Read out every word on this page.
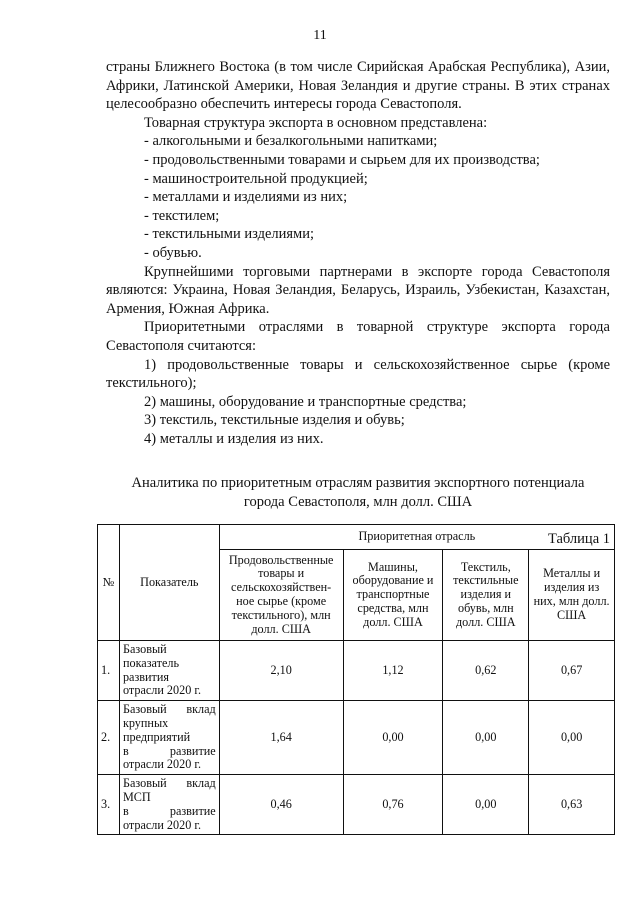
11

страны Ближнего Востока (в том числе Сирийская Арабская Республика), Азии, Африки, Латинской Америки, Новая Зеландия и другие страны. В этих странах целесообразно обеспечить интересы города Севастополя.

Товарная структура экспорта в основном представлена:

- алкогольными и безалкогольными напитками;

- продовольственными товарами и сырьем для их производства;

- машиностроительной продукцией;

- металлами и изделиями из них;

- текстилем;

- текстильными изделиями;

- обувью.

Крупнейшими торговыми партнерами в экспорте города Севастополя являются: Украина, Новая Зеландия, Беларусь, Израиль, Узбекистан, Казахстан, Армения, Южная Африка.

Приоритетными отраслями в товарной структуре экспорта города Севастополя считаются:

1) продовольственные товары и сельскохозяйственное сырье (кроме текстильного);

2) машины, оборудование и транспортные средства;

3) текстиль, текстильные изделия и обувь;

4) металлы и изделия из них.

Аналитика по приоритетным отраслям развития экспортного потенциала
города Севастополя, млн долл. США

Таблица 1

№	Показатель	Приоритетная отрасль			
		Продовольственные товары и сельскохозяйствен-ное сырье (кроме текстильного), млн долл. США	Машины, оборудование и транспортные средства, млн долл. США	Текстиль, текстильные изделия и обувь, млн долл. США	Металлы и изделия из них, млн долл. США
1.	Базовый
показатель
развития
отрасли 2020 г.	2,10	1,12	0,62	0,67
2.	Базовый вклад
крупных
предприятий
в развитие
отрасли 2020 г.	1,64	0,00	0,00	0,00
3.	Базовый вклад
МСП
в развитие
отрасли 2020 г.	0,46	0,76	0,00	0,63
